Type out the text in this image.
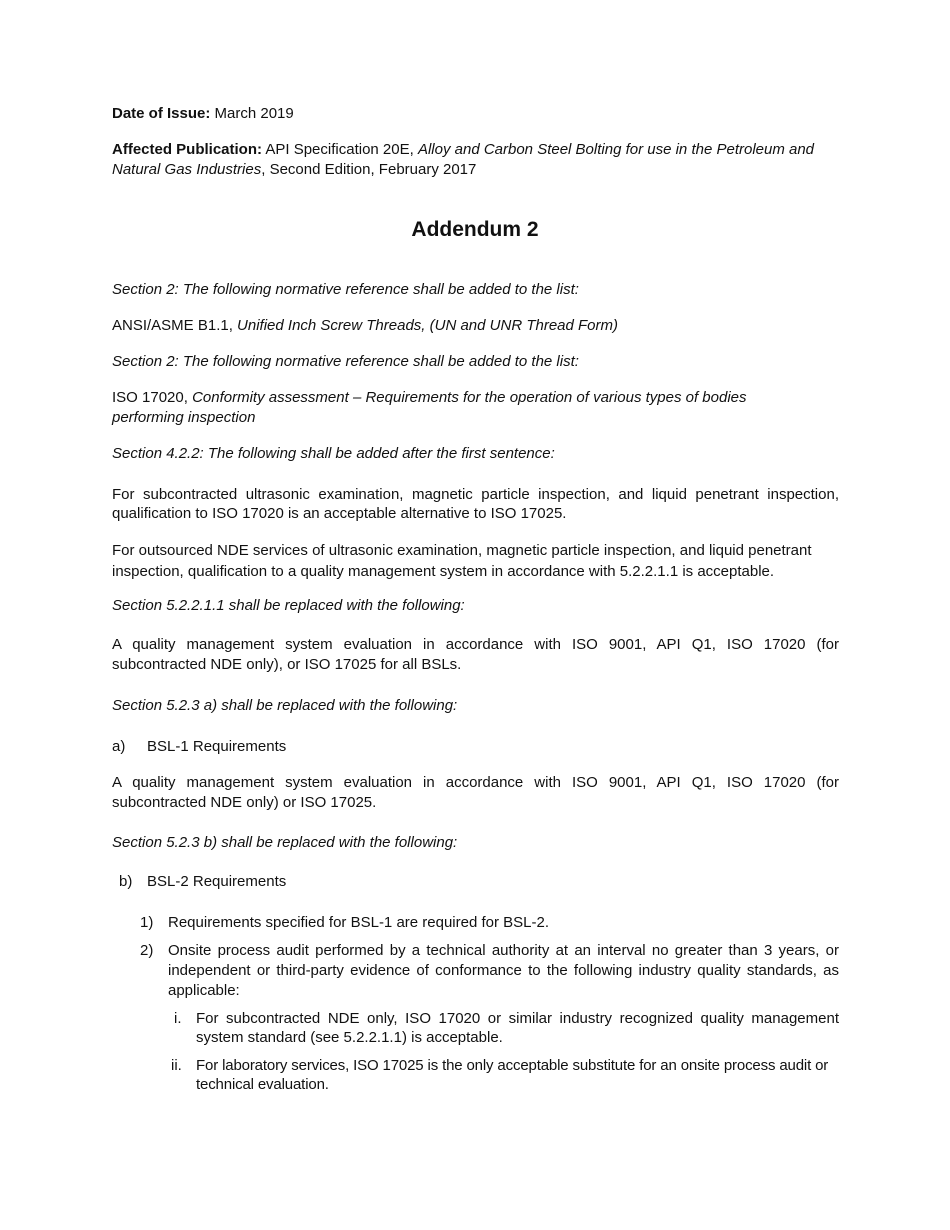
Date of Issue: March 2019

Affected Publication: API Specification 20E, Alloy and Carbon Steel Bolting for use in the Petroleum and Natural Gas Industries, Second Edition, February 2017

Addendum 2

Section 2: The following normative reference shall be added to the list:

ANSI/ASME B1.1, Unified Inch Screw Threads, (UN and UNR Thread Form)

Section 2: The following normative reference shall be added to the list:

ISO 17020, Conformity assessment – Requirements for the operation of various types of bodies performing inspection

Section 4.2.2: The following shall be added after the first sentence:

For subcontracted ultrasonic examination, magnetic particle inspection, and liquid penetrant inspection, qualification to ISO 17020 is an acceptable alternative to ISO 17025.

For outsourced NDE services of ultrasonic examination, magnetic particle inspection, and liquid penetrant inspection, qualification to a quality management system in accordance with 5.2.2.1.1 is acceptable.

Section 5.2.2.1.1 shall be replaced with the following:

A quality management system evaluation in accordance with ISO 9001, API Q1, ISO 17020 (for subcontracted NDE only), or ISO 17025 for all BSLs.

Section 5.2.3 a) shall be replaced with the following:

a) BSL-1 Requirements

A quality management system evaluation in accordance with ISO 9001, API Q1, ISO 17020 (for subcontracted NDE only) or ISO 17025.

Section 5.2.3 b) shall be replaced with the following:

b) BSL-2 Requirements
1) Requirements specified for BSL-1 are required for BSL-2.
2) Onsite process audit performed by a technical authority at an interval no greater than 3 years, or independent or third-party evidence of conformance to the following industry quality standards, as applicable:

i. For subcontracted NDE only, ISO 17020 or similar industry recognized quality management system standard (see 5.2.2.1.1) is acceptable.

ii. For laboratory services, ISO 17025 is the only acceptable substitute for an onsite process audit or technical evaluation.
